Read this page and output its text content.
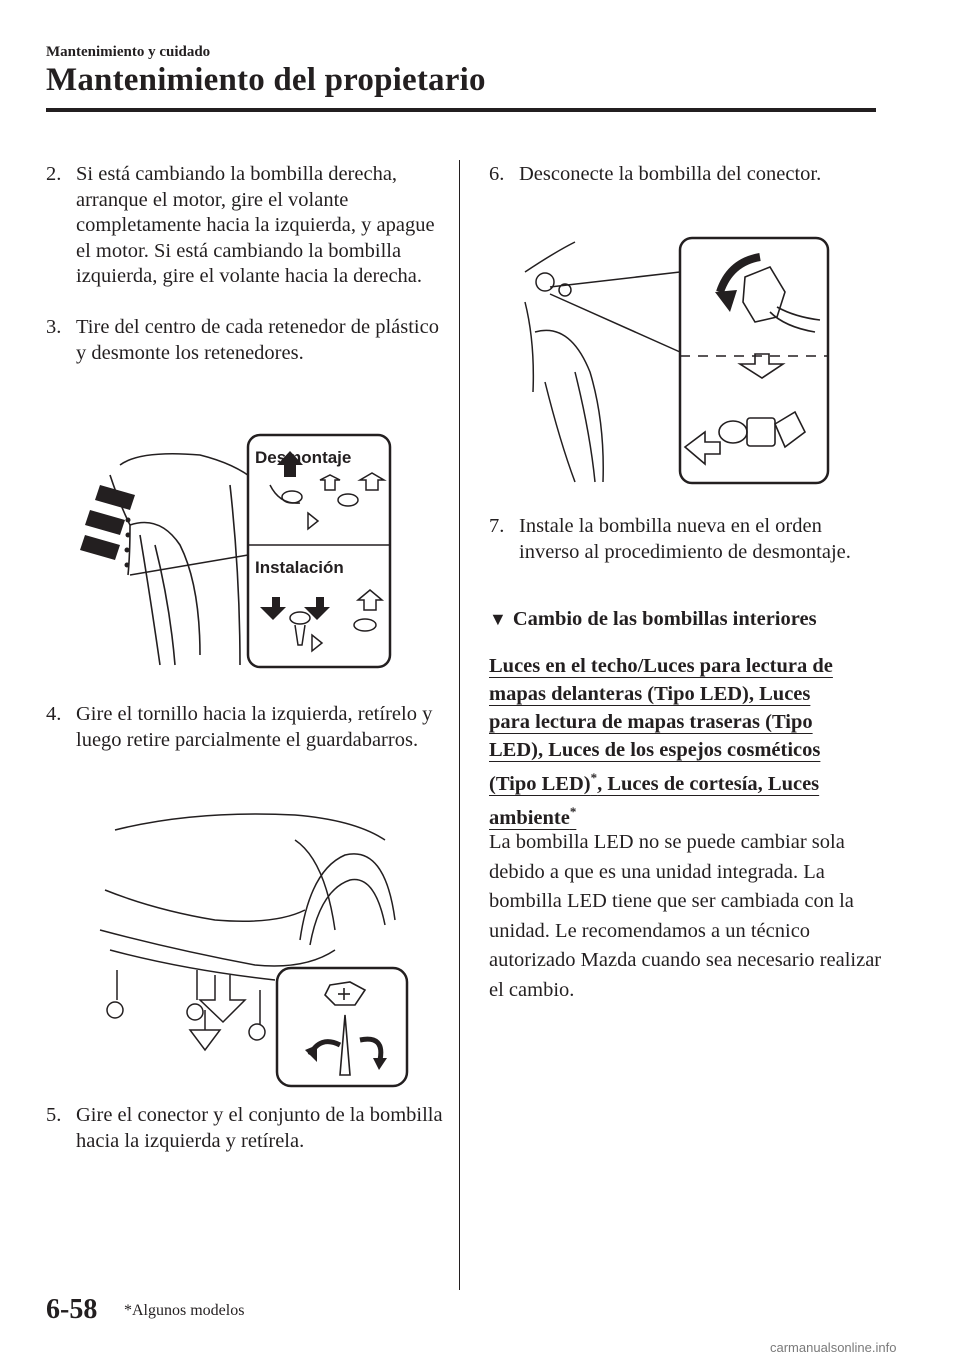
Mantenimiento y cuidado
Mantenimiento del propietario
2. Si está cambiando la bombilla derecha, arranque el motor, gire el volante completamente hacia la izquierda, y apague el motor. Si está cambiando la bombilla izquierda, gire el volante hacia la derecha.
3. Tire del centro de cada retenedor de plástico y desmonte los retenedores.
Desmontaje
Instalación
4. Gire el tornillo hacia la izquierda, retírelo y luego retire parcialmente el guardabarros.
5. Gire el conector y el conjunto de la bombilla hacia la izquierda y retírela.
6. Desconecte la bombilla del conector.
7. Instale la bombilla nueva en el orden inverso al procedimiento de desmontaje.
▼ Cambio de las bombillas interiores
Luces en el techo/Luces para lectura de
mapas delanteras (Tipo LED), Luces
para lectura de mapas traseras (Tipo
LED), Luces de los espejos cosméticos
(Tipo LED)*, Luces de cortesía, Luces
ambiente*
La bombilla LED no se puede cambiar sola debido a que es una unidad integrada. La bombilla LED tiene que ser cambiada con la unidad. Le recomendamos a un técnico autorizado Mazda cuando sea necesario realizar el cambio.
6-58 *Algunos modelos
carmanualsonline.info
